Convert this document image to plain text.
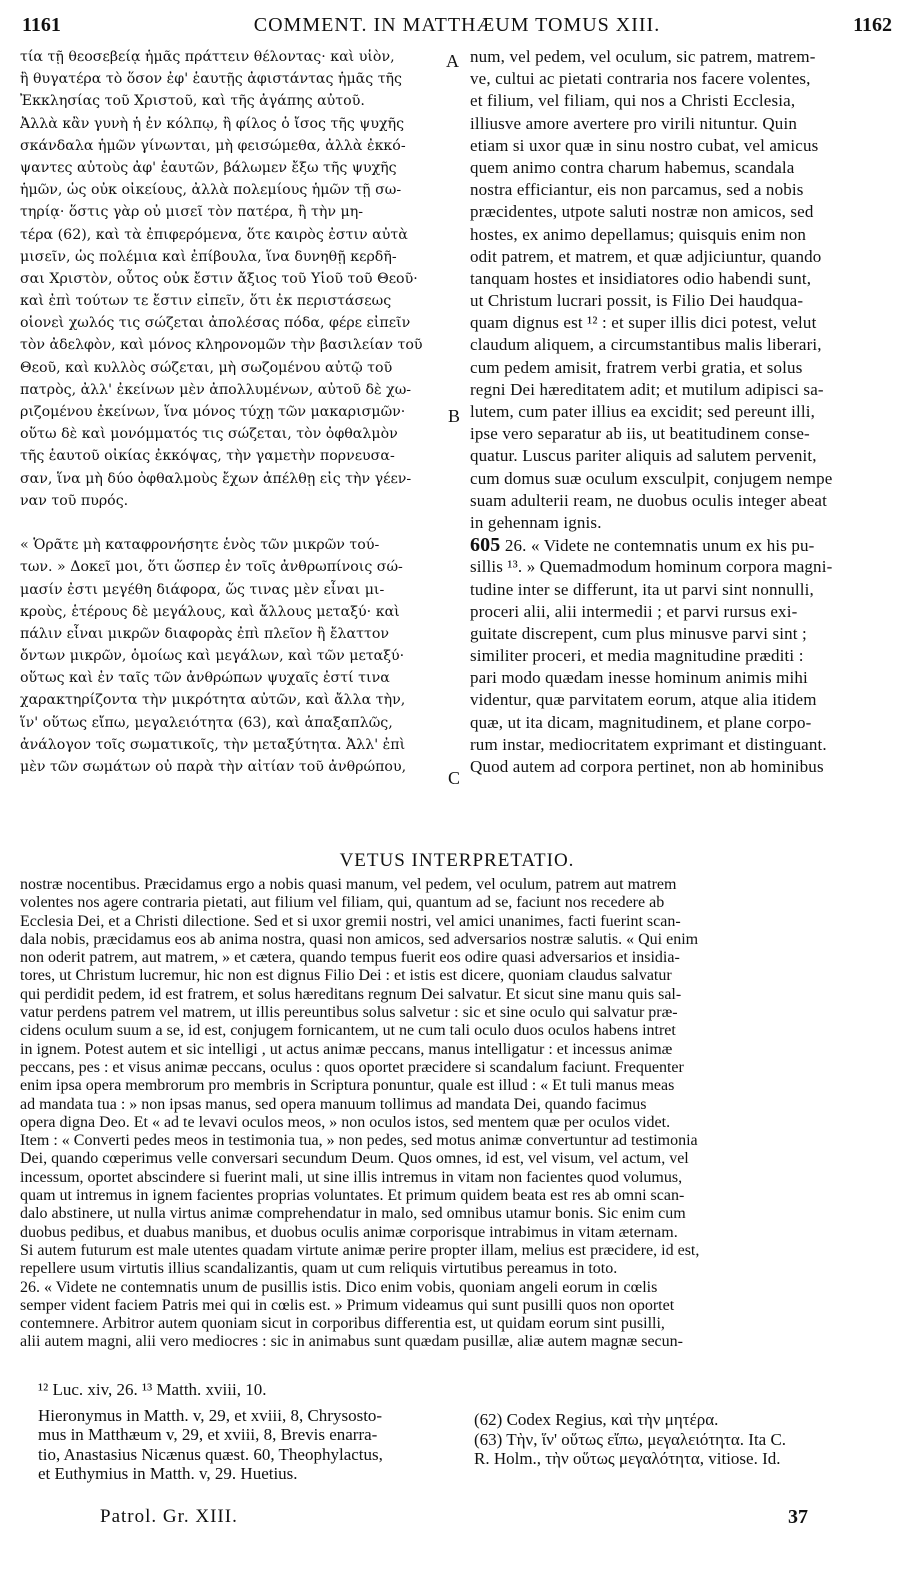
1161	COMMENT. IN MATTHÆUM TOMUS XIII.	1162
τία τῇ θεοσεβείᾳ ἡμᾶς πράττειν θέλοντας· καὶ υἱὸν,
ἢ θυγατέρα τὸ ὅσον ἐφ' ἑαυτῇς ἀφιστάντας ἡμᾶς τῆς
Ἐκκλησίας τοῦ Χριστοῦ, καὶ τῆς ἀγάπης αὐτοῦ.
Ἀλλὰ κἂν γυνὴ ἡ ἐν κόλπῳ, ἢ φίλος ὁ ἴσος τῆς ψυχῆς
σκάνδαλα ἡμῶν γίνωνται, μὴ φεισώμεθα, ἀλλὰ ἐκκό-
ψαντες αὐτοὺς ἀφ' ἑαυτῶν, βάλωμεν ἔξω τῆς ψυχῆς
ἡμῶν, ὡς οὐκ οἰκείους, ἀλλὰ πολεμίους ἡμῶν τῇ σω-
τηρίᾳ· ὅστις γὰρ οὐ μισεῖ τὸν πατέρα, ἢ τὴν μη-
τέρα (62), καὶ τὰ ἐπιφερόμενα, ὅτε καιρὸς ἐστιν αὐτὰ
μισεῖν, ὡς πολέμια καὶ ἐπίβουλα, ἵνα δυνηθῇ κερδῆ-
σαι Χριστὸν, οὗτος οὐκ ἔστιν ἄξιος τοῦ Υἱοῦ τοῦ Θεοῦ·
καὶ ἐπὶ τούτων τε ἔστιν εἰπεῖν, ὅτι ἐκ περιστάσεως
οἱονεὶ χωλός τις σώζεται ἀπολέσας πόδα, φέρε εἰπεῖν
τὸν ἀδελφὸν, καὶ μόνος κληρονομῶν τὴν βασιλείαν τοῦ
Θεοῦ, καὶ κυλλὸς σώζεται, μὴ σωζομένου αὐτῷ τοῦ
πατρὸς, ἀλλ' ἐκείνων μὲν ἀπολλυμένων, αὐτοῦ δὲ χω-
ριζομένου ἐκείνων, ἵνα μόνος τύχῃ τῶν μακαρισμῶν·
οὕτω δὲ καὶ μονόμματός τις σώζεται, τὸν ὀφθαλμὸν
τῆς ἑαυτοῦ οἰκίας ἐκκόψας, τὴν γαμετὴν πορνευσα-
σαν, ἵνα μὴ δύο ὀφθαλμοὺς ἔχων ἀπέλθῃ εἰς τὴν γέεν-
ναν τοῦ πυρός.
« Ὁρᾶτε μὴ καταφρονήσητε ἑνὸς τῶν μικρῶν τού-
των. » Δοκεῖ μοι, ὅτι ὥσπερ ἐν τοῖς ἀνθρωπίνοις σώ-
μασίν ἐστι μεγέθη διάφορα, ὥς τινας μὲν εἶναι μι-
κροὺς, ἑτέρους δὲ μεγάλους, καὶ ἄλλους μεταξύ· καὶ
πάλιν εἶναι μικρῶν διαφορὰς ἐπὶ πλεῖον ἢ ἔλαττον
ὄντων μικρῶν, ὁμοίως καὶ μεγάλων, καὶ τῶν μεταξύ·
οὕτως καὶ ἐν ταῖς τῶν ἀνθρώπων ψυχαῖς ἐστί τινα
χαρακτηρίζοντα τὴν μικρότητα αὐτῶν, καὶ ἄλλα τὴν,
ἵν' οὕτως εἴπω, μεγαλειότητα (63), καὶ ἁπαξαπλῶς,
ἀνάλογον τοῖς σωματικοῖς, τὴν μεταξύτητα. Ἀλλ' ἐπὶ
μὲν τῶν σωμάτων οὐ παρὰ τὴν αἰτίαν τοῦ ἀνθρώπου,
num, vel pedem, vel oculum, sic patrem, matrem-
ve, cultui ac pietati contraria nos facere volentes,
et filium, vel filiam, qui nos a Christi Ecclesia,
illiusve amore avertere pro virili nituntur. Quin
etiam si uxor quæ in sinu nostro cubat, vel amicus
quem animo contra charum habemus, scandala
nostra efficiantur, eis non parcamus, sed a nobis
præcidentes, utpote saluti nostræ non amicos, sed
hostes, ex animo depellamus; quisquis enim non
odit patrem, et matrem, et quæ adjiciuntur, quando
tanquam hostes et insidiatores odio habendi sunt,
ut Christum lucrari possit, is Filio Dei haudqua-
quam dignus est ¹² : et super illis dici potest, velut
claudum aliquem, a circumstantibus malis liberari,
cum pedem amisit, fratrem verbi gratia, et solus
regni Dei hæreditatem adit; et mutilum adipisci sa-
lutem, cum pater illius ea excidit; sed pereunt illi,
ipse vero separatur ab iis, ut beatitudinem conse-
quatur. Luscus pariter aliquis ad salutem pervenit,
cum domus suæ oculum exsculpit, conjugem nempe
suam adulterii ream, ne duobus oculis integer abeat
in gehennam ignis.
605 26. « Videte ne contemnatis unum ex his pu-
sillis ¹³. » Quemadmodum hominum corpora magni-
tudine inter se differunt, ita ut parvi sint nonnulli,
proceri alii, alii intermedii ; et parvi rursus exi-
guitate discrepent, cum plus minusve parvi sint ;
similiter proceri, et media magnitudine præditi :
pari modo quædam inesse hominum animis mihi
videntur, quæ parvitatem eorum, atque alia itidem
quæ, ut ita dicam, magnitudinem, et plane corpo-
rum instar, mediocritatem exprimant et distinguant.
Quod autem ad corpora pertinet, non ab hominibus
A
B
C
VETUS INTERPRETATIO.
nostræ nocentibus. Præcidamus ergo a nobis quasi manum, vel pedem, vel oculum, patrem aut matrem
volentes nos agere contraria pietati, aut filium vel filiam, qui, quantum ad se, faciunt nos recedere ab
Ecclesia Dei, et a Christi dilectione. Sed et si uxor gremii nostri, vel amici unanimes, facti fuerint scan-
dala nobis, præcidamus eos ab anima nostra, quasi non amicos, sed adversarios nostræ salutis. « Qui enim
non oderit patrem, aut matrem, » et cætera, quando tempus fuerit eos odire quasi adversarios et insidia-
tores, ut Christum lucremur, hic non est dignus Filio Dei : et istis est dicere, quoniam claudus salvatur
qui perdidit pedem, id est fratrem, et solus hæreditans regnum Dei salvatur. Et sicut sine manu quis sal-
vatur perdens patrem vel matrem, ut illis pereuntibus solus salvetur : sic et sine oculo qui salvatur præ-
cidens oculum suum a se, id est, conjugem fornicantem, ut ne cum tali oculo duos oculos habens intret
in ignem. Potest autem et sic intelligi , ut actus animæ peccans, manus intelligatur : et incessus animæ
peccans, pes : et visus animæ peccans, oculus : quos oportet præcidere si scandalum faciunt. Frequenter
enim ipsa opera membrorum pro membris in Scriptura ponuntur, quale est illud : « Et tuli manus meas
ad mandata tua : » non ipsas manus, sed opera manuum tollimus ad mandata Dei, quando facimus
opera digna Deo. Et « ad te levavi oculos meos, » non oculos istos, sed mentem quæ per oculos videt.
Item : « Converti pedes meos in testimonia tua, » non pedes, sed motus animæ convertuntur ad testimonia
Dei, quando cœperimus velle conversari secundum Deum. Quos omnes, id est, vel visum, vel actum, vel
incessum, oportet abscindere si fuerint mali, ut sine illis intremus in vitam non facientes quod volumus,
quam ut intremus in ignem facientes proprias voluntates. Et primum quidem beata est res ab omni scan-
dalo abstinere, ut nulla virtus animæ comprehendatur in malo, sed omnibus utamur bonis. Sic enim cum
duobus pedibus, et duabus manibus, et duobus oculis animæ corporisque intrabimus in vitam æternam.
Si autem futurum est male utentes quadam virtute animæ perire propter illam, melius est præcidere, id est,
repellere usum virtutis illius scandalizantis, quam ut cum reliquis virtutibus pereamus in toto.
26. « Videte ne contemnatis unum de pusillis istis. Dico enim vobis, quoniam angeli eorum in cœlis
semper vident faciem Patris mei qui in cœlis est. » Primum videamus qui sunt pusilli quos non oportet
contemnere. Arbitror autem quoniam sicut in corporibus differentia est, ut quidam eorum sint pusilli,
alii autem magni, alii vero mediocres : sic in animabus sunt quædam pusillæ, aliæ autem magnæ secun-
¹² Luc. xiv, 26. ¹³ Matth. xviii, 10.
Hieronymus in Matth. v, 29, et xviii, 8, Chrysosto-
mus in Matthæum v, 29, et xviii, 8, Brevis enarra-
tio, Anastasius Nicænus quæst. 60, Theophylactus,
et Euthymius in Matth. v, 29. Huetius.
(62) Codex Regius, καὶ τὴν μητέρα.
(63) Τὴν, ἵν' οὕτως εἴπω, μεγαλειότητα. Ita C.
R. Holm., τὴν οὕτως μεγαλότητα, vitiose. Id.
Patrol. Gr. XIII.	37
